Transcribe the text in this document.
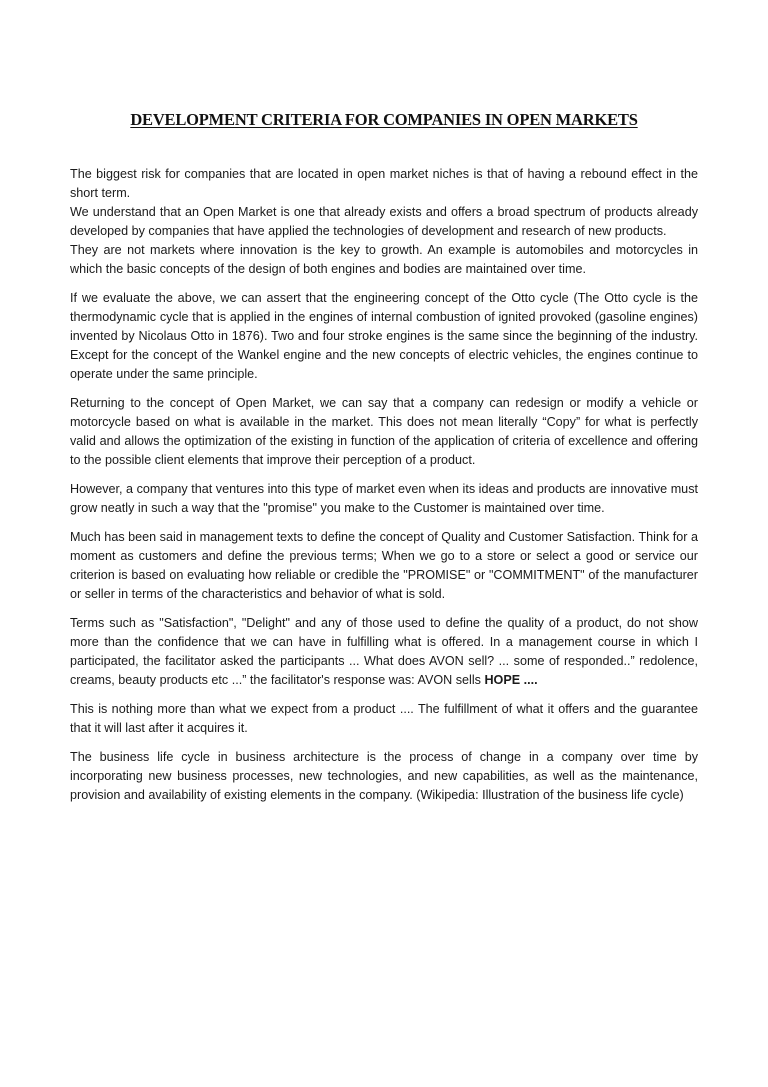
DEVELOPMENT CRITERIA FOR COMPANIES IN OPEN MARKETS

The biggest risk for companies that are located in open market niches is that of having a rebound effect in the short term.

We understand that an Open Market is one that already exists and offers a broad spectrum of products already developed by companies that have applied the technologies of development and research of new products.

They are not markets where innovation is the key to growth. An example is automobiles and motorcycles in which the basic concepts of the design of both engines and bodies are maintained over time.

If we evaluate the above, we can assert that the engineering concept of the Otto cycle (The Otto cycle is the thermodynamic cycle that is applied in the engines of internal combustion of ignited provoked (gasoline engines) invented by Nicolaus Otto in 1876). Two and four stroke engines is the same since the beginning of the industry. Except for the concept of the Wankel engine and the new concepts of electric vehicles, the engines continue to operate under the same principle.

Returning to the concept of Open Market, we can say that a company can redesign or modify a vehicle or motorcycle based on what is available in the market. This does not mean literally “Copy” for what is perfectly valid and allows the optimization of the existing in function of the application of criteria of excellence and offering to the possible client elements that improve their perception of a product.

However, a company that ventures into this type of market even when its ideas and products are innovative must grow neatly in such a way that the "promise" you make to the Customer is maintained over time.

Much has been said in management texts to define the concept of Quality and Customer Satisfaction. Think for a moment as customers and define the previous terms; When we go to a store or select a good or service our criterion is based on evaluating how reliable or credible the "PROMISE" or "COMMITMENT" of the manufacturer or seller in terms of the characteristics and behavior of what is sold.

Terms such as "Satisfaction", "Delight" and any of those used to define the quality of a product, do not show more than the confidence that we can have in fulfilling what is offered. In a management course in which I participated, the facilitator asked the participants ... What does AVON sell? ... some of responded..” redolence, creams, beauty products etc ...” the facilitator's response was: AVON sells HOPE ....

This is nothing more than what we expect from a product .... The fulfillment of what it offers and the guarantee that it will last after it acquires it.

The business life cycle in business architecture is the process of change in a company over time by incorporating new business processes, new technologies, and new capabilities, as well as the maintenance, provision and availability of existing elements in the company. (Wikipedia: Illustration of the business life cycle)
